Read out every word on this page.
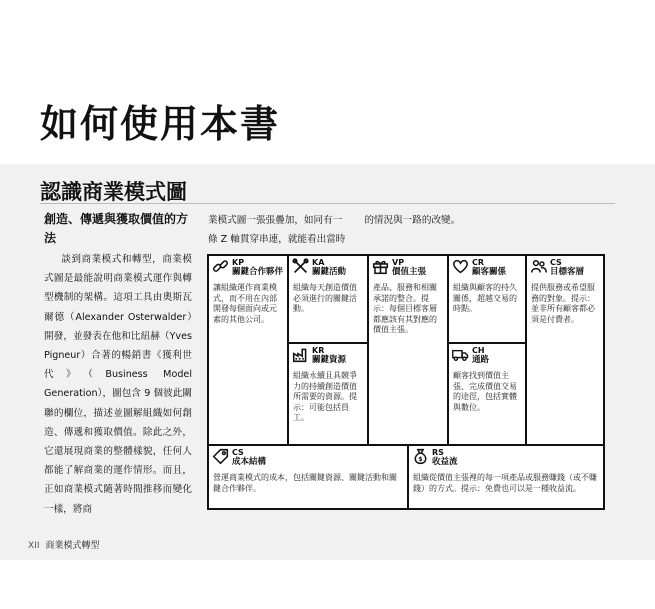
如何使用本書
認識商業模式圖
創造、傳遞與獲取價值的方法

談到商業模式和轉型，商業模式圖是最能說明商業模式運作與轉型機制的架構。這項工具由奧斯瓦爾德（Alexander Osterwalder）開發，並發表在他和比紐赫（Yves Pigneur）合著的暢銷書《獲利世代》（Business Model Generation），圖包含 9 個彼此關聯的欄位，描述並圖解組織如何創造、傳遞和獲取價值。除此之外，它還展現商業的整體樣貌，任何人都能了解商業的運作情形。而且，正如商業模式隨著時間推移而變化一樣，將商

業模式圖一張張疊加，如同有一 的情況與一路的改變。
條 Z 軸貫穿串連，就能看出當時
KP
關鍵合作夥伴
讓組織運作商業模式，而不用在內部開發每個面向或元素的其他公司。
KA
關鍵活動
組織每天創造價值必須進行的關鍵活動。
KR
關鍵資源
組織永續且具競爭力的持續創造價值所需要的資源。提示：可能包括員工。
VP
價值主張
產品、服務和相關承諾的整合。提示：每個目標客層都應該有其對應的價值主張。
CR
顧客關係
組織與顧客的持久關係，超越交易的時點。
CH
通路
顧客找到價值主張、完成價值交易的途徑，包括實體與數位。
CS
目標客層
提供服務或希望服務的對象。提示：並非所有顧客都必須是付費者。
CS
成本結構
營運商業模式的成本，包括關鍵資源、關鍵活動和關鍵合作夥伴。
$
RS
收益流
組織從價值主張裡的每一項產品或服務賺錢（或不賺錢）的方式。提示：免費也可以是一種收益流。
XII 商業模式轉型
